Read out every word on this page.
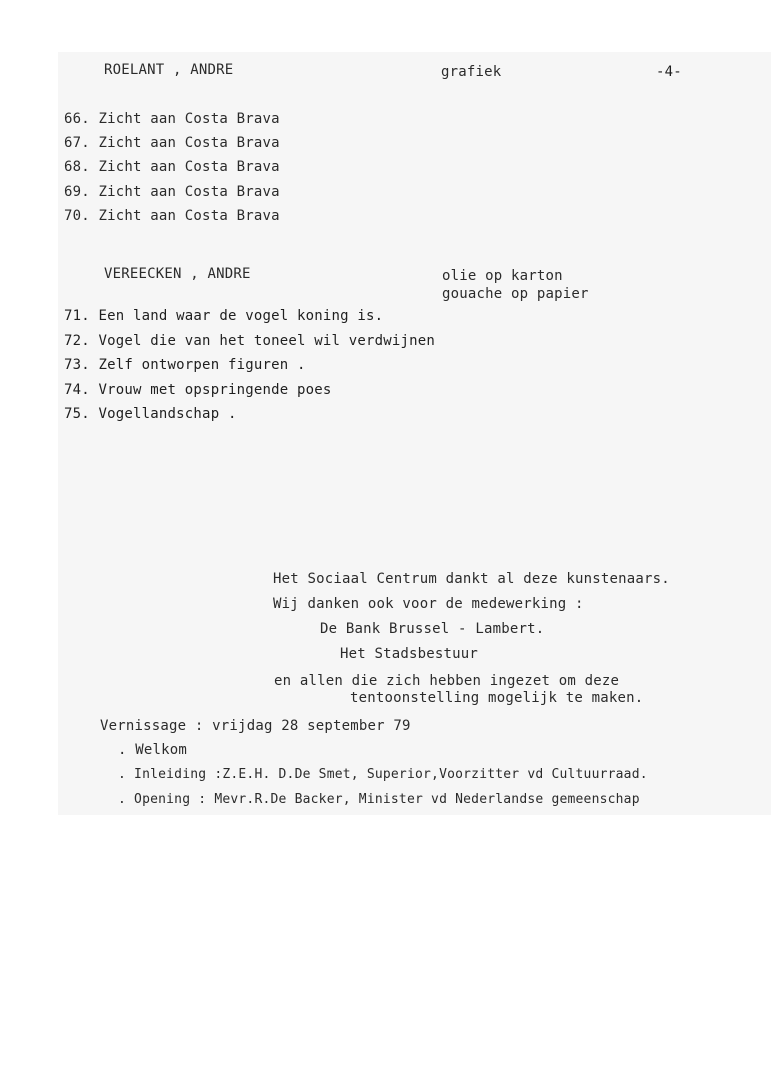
ROELANT , ANDRE	grafiek	-4-
66. Zicht aan Costa Brava
67. Zicht aan Costa Brava
68. Zicht aan Costa Brava
69. Zicht aan Costa Brava
70. Zicht aan Costa Brava
VEREECKEN , ANDRE	olie op karton
gouache op papier
71. Een land waar de vogel koning is.
72. Vogel die van het toneel wil verdwijnen
73. Zelf ontworpen figuren .
74. Vrouw met opspringende poes
75. Vogellandschap .
Het Sociaal Centrum dankt al deze kunstenaars.
Wij danken ook voor de medewerking :
De Bank Brussel - Lambert.
Het Stadsbestuur
en allen die zich hebben ingezet om deze
tentoonstelling mogelijk te maken.
Vernissage : vrijdag 28 september 79
. Welkom
. Inleiding :Z.E.H. D.De Smet, Superior,Voorzitter vd Cultuurraad.
. Opening : Mevr.R.De Backer, Minister vd Nederlandse gemeenschap
